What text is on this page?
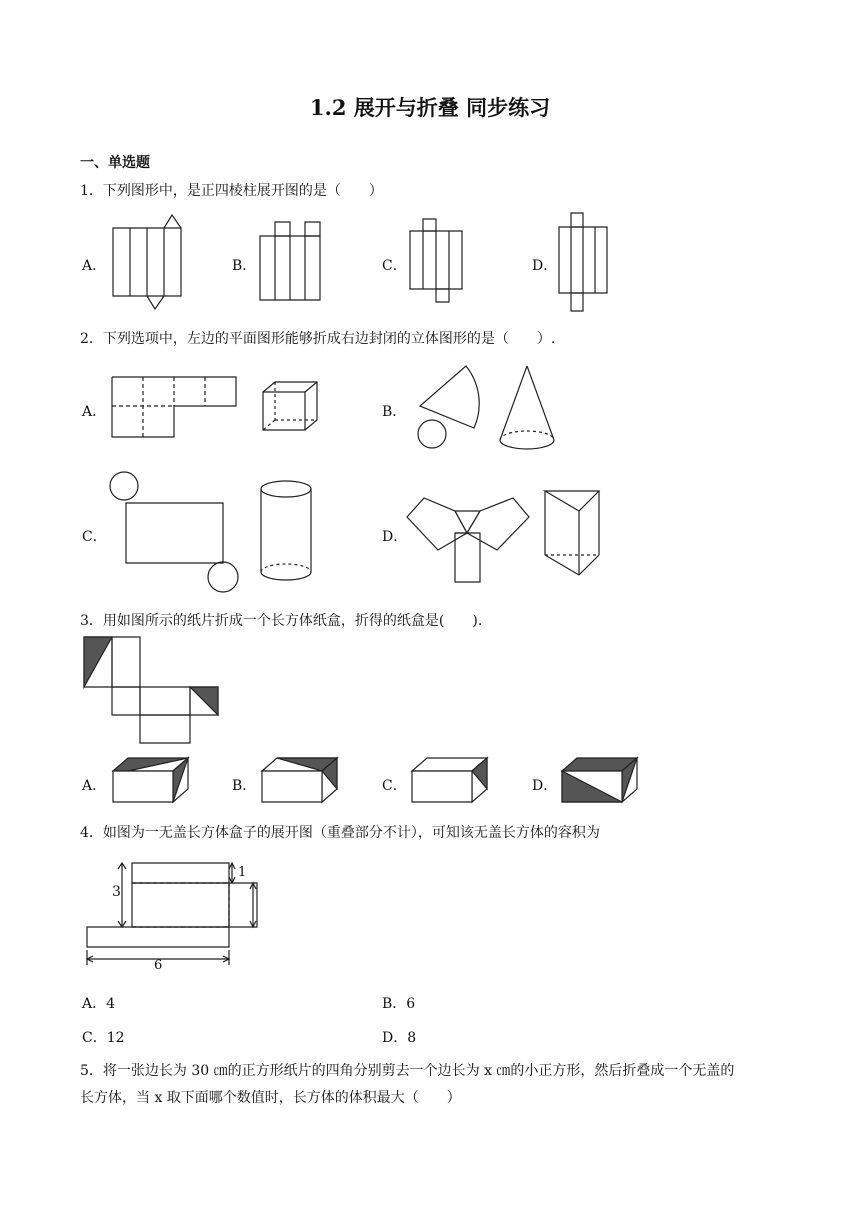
1.2 展开与折叠 同步练习
一、单选题
1．下列图形中，是正四棱柱展开图的是（　　）
A．	B．	C．	D．
2．下列选项中，左边的平面图形能够折成右边封闭的立体图形的是（　　）.
A．	B．
C．	D．
3．用如图所示的纸片折成一个长方体纸盒，折得的纸盒是(　　).
A．	B．	C．	D．
4．如图为一无盖长方体盒子的展开图（重叠部分不计），可知该无盖长方体的容积为
3
1
6
A．4	B．6
C．12	D．8
5．将一张边长为 30 ㎝的正方形纸片的四角分别剪去一个边长为 x ㎝的小正方形，然后折叠成一个无盖的
长方体，当 x 取下面哪个数值时，长方体的体积最大（　　）
